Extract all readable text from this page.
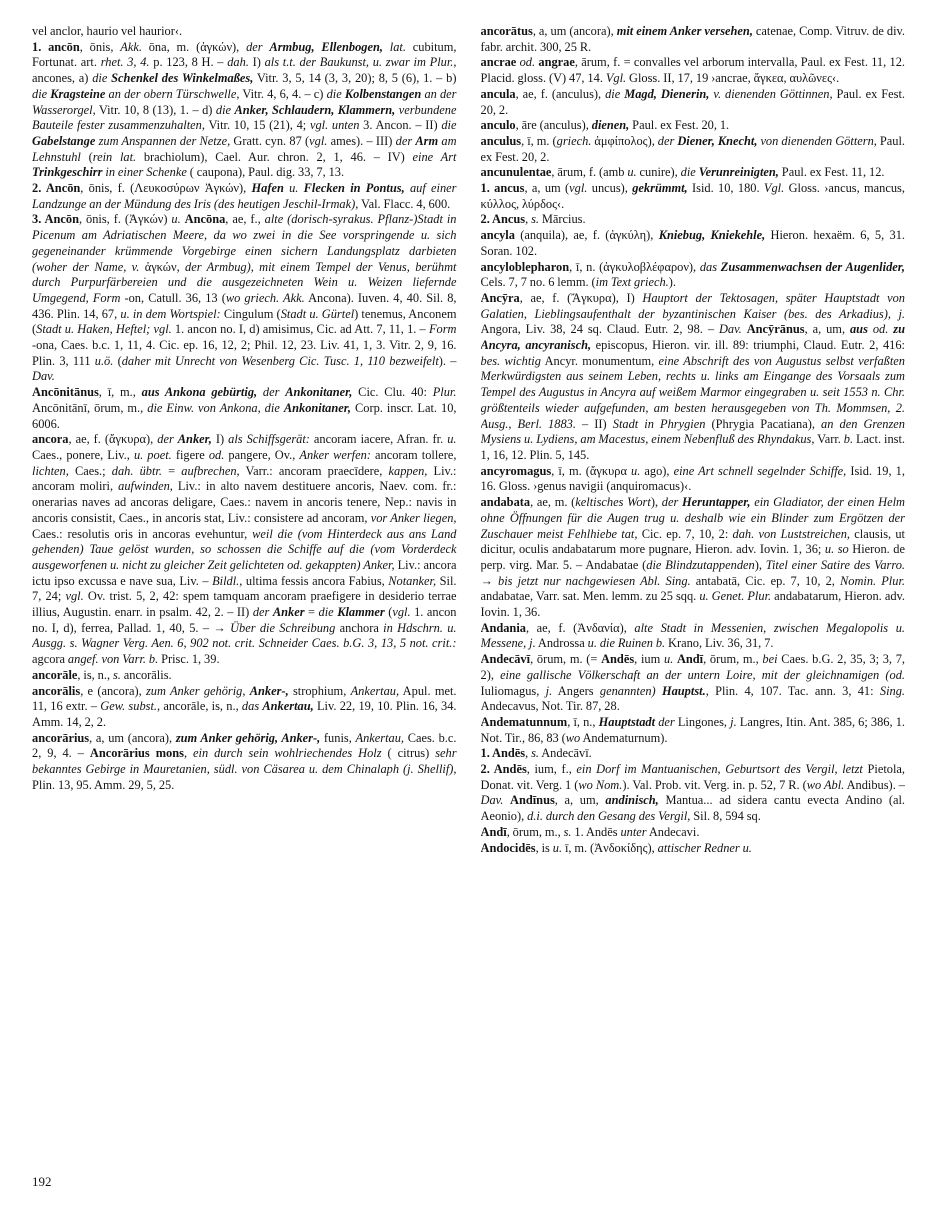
vel anclor, haurio vel haurior‹.

1. ancōn, ōnis, Akk. ōna, m. (ἀγκών), der Armbug, Ellenbogen, lat. cubitum, Fortunat. art. rhet. 3, 4. p. 123, 8 H. – dah. I) als t.t. der Baukunst, u. zwar im Plur., ancones, a) die Schenkel des Winkelmaßes, Vitr. 3, 5, 14 (3, 3, 20); 8, 5 (6), 1. – b) die Kragsteine an der obern Türschwelle, Vitr. 4, 6, 4. – c) die Kolbenstangen an der Wasserorgel, Vitr. 10, 8 (13), 1. – d) die Anker, Schlaudern, Klammern, verbundene Bauteile fester zusammenzuhalten, Vitr. 10, 15 (21), 4; vgl. unten 3. Ancon. – II) die Gabelstange zum Anspannen der Netze, Gratt. cyn. 87 (vgl. ames). – III) der Arm am Lehnstuhl (rein lat. brachiolum), Cael. Aur. chron. 2, 1, 46. – IV) eine Art Trinkgeschirr in einer Schenke ( caupona), Paul. dig. 33, 7, 13.

2. Ancōn, ōnis, f. (Λευκοσύρων Ἀγκών), Hafen u. Flecken in Pontus, auf einer Landzunge an der Mündung des Iris (des heutigen Jeschil-Irmak), Val. Flacc. 4, 600.

3. Ancōn, ōnis, f. (Ἀγκών) u. Ancōna, ae, f., alte (dorisch-syrakus. Pflanz-)Stadt in Picenum am Adriatischen Meere, da wo zwei in die See vorspringende u. sich gegeneinander krümmende Vorgebirge einen sichern Landungsplatz darbieten (woher der Name, v. ἀγκών, der Armbug), mit einem Tempel der Venus, berühmt durch Purpurfärbereien und die ausgezeichneten Wein u. Weizen liefernde Umgegend, Form -on, Catull. 36, 13 (wo griech. Akk. Ancona). Iuven. 4, 40. Sil. 8, 436. Plin. 14, 67, u. in dem Wortspiel: Cingulum (Stadt u. Gürtel) tenemus, Anconem (Stadt u. Haken, Heftel; vgl. 1. ancon no. I, d) amisimus, Cic. ad Att. 7, 11, 1. – Form -ona, Caes. b.c. 1, 11, 4. Cic. ep. 16, 12, 2; Phil. 12, 23. Liv. 41, 1, 3. Vitr. 2, 9, 16. Plin. 3, 111 u.ö. (daher mit Unrecht von Wesenberg Cic. Tusc. 1, 110 bezweifelt). – Dav.

Ancōnitānus, ī, m., aus Ankona gebürtig, der Ankonitaner, Cic. Clu. 40: Plur. Ancōnitānī, ōrum, m., die Einw. von Ankona, die Ankonitaner, Corp. inscr. Lat. 10, 6006.

ancora, ae, f. (ἄγκυρα), der Anker, I) als Schiffsgerät: ancoram iacere, Afran. fr. u. Caes., ponere, Liv., u. poet. figere od. pangere, Ov., Anker werfen: ancoram tollere, lichten, Caes.; dah. übtr. = aufbrechen, Varr.: ancoram praecīdere, kappen, Liv.: ancoram moliri, aufwinden, Liv.: in alto navem destituere ancoris, Naev. com. fr.: onerarias naves ad ancoras deligare, Caes.: navem in ancoris tenere, Nep.: navis in ancoris consistit, Caes., in ancoris stat, Liv.: consistere ad ancoram, vor Anker liegen, Caes.: resolutis oris in ancoras evehuntur, weil die (vom Hinterdeck aus ans Land gehenden) Taue gelöst wurden, so schossen die Schiffe auf die (vom Vorderdeck ausgeworfenen u. nicht zu gleicher Zeit gelichteten od. gekappten) Anker, Liv.: ancora ictu ipso excussa e nave sua, Liv. – Bildl., ultima fessis ancora Fabius, Notanker, Sil. 7, 24; vgl. Ov. trist. 5, 2, 42: spem tamquam ancoram praefigere in desiderio terrae illius, Augustin. enarr. in psalm. 42, 2. – II) der Anker = die Klammer (vgl. 1. ancon no. I, d), ferrea, Pallad. 1, 40, 5. – → Über die Schreibung anchora in Hdschrn. u. Ausgg. s. Wagner Verg. Aen. 6, 902 not. crit. Schneider Caes. b.G. 3, 13, 5 not. crit.: agcora angef. von Varr. b. Prisc. 1, 39.

ancorāle, is, n., s. ancorālis.

ancorālis, e (ancora), zum Anker gehörig, Anker-, strophium, Ankertau, Apul. met. 11, 16 extr. – Gew. subst., ancorāle, is, n., das Ankertau, Liv. 22, 19, 10. Plin. 16, 34. Amm. 14, 2, 2.

ancorārius, a, um (ancora), zum Anker gehörig, Anker-, funis, Ankertau, Caes. b.c. 2, 9, 4. – Ancorārius mons, ein durch sein wohlriechendes Holz ( citrus) sehr bekanntes Gebirge in Mauretanien, südl. von Cäsarea u. dem Chinalaph (j. Shellif), Plin. 13, 95. Amm. 29, 5, 25.

ancorātus, a, um (ancora), mit einem Anker versehen, catenae, Comp. Vitruv. de div. fabr. archit. 300, 25 R.

ancrae od. angrae, ārum, f. = convalles vel arborum intervalla, Paul. ex Fest. 11, 12. Placid. gloss. (V) 47, 14. Vgl. Gloss. II, 17, 19 ›ancrae, ἄγκεα, αυλῶνες‹.

ancula, ae, f. (anculus), die Magd, Dienerin, v. dienenden Göttinnen, Paul. ex Fest. 20, 2.

anculo, āre (anculus), dienen, Paul. ex Fest. 20, 1.

anculus, ī, m. (griech. ἀμφίπολος), der Diener, Knecht, von dienenden Göttern, Paul. ex Fest. 20, 2.

ancunulentae, ārum, f. (amb u. cunire), die Verunreinigten, Paul. ex Fest. 11, 12.

1. ancus, a, um (vgl. uncus), gekrümmt, Isid. 10, 180. Vgl. Gloss. ›ancus, mancus, κύλλος, λύρδος‹.

2. Ancus, s. Mārcius.

ancyla (anquila), ae, f. (ἀγκύλη), Kniebug, Kniekehle, Hieron. hexaëm. 6, 5, 31. Soran. 102.

ancyloblepharon, ī, n. (ἀγκυλοβλέφαρον), das Zusammenwachsen der Augenlider, Cels. 7, 7 no. 6 lemm. (im Text griech.).

Ancȳra, ae, f. (Ἄγκυρα), I) Hauptort der Tektosagen, später Hauptstadt von Galatien, Lieblingsaufenthalt der byzantinischen Kaiser (bes. des Arkadius), j. Angora, Liv. 38, 24 sq. Claud. Eutr. 2, 98. – Dav. Ancȳrānus, a, um, aus od. zu Ancyra, ancyranisch, episcopus, Hieron. vir. ill. 89: triumphi, Claud. Eutr. 2, 416: bes. wichtig Ancyr. monumentum, eine Abschrift des von Augustus selbst verfaßten Merkwürdigsten aus seinem Leben, rechts u. links am Eingange des Vorsaals zum Tempel des Augustus in Ancyra auf weißem Marmor eingegraben u. seit 1553 n. Chr. größtenteils wieder aufgefunden, am besten herausgegeben von Th. Mommsen, 2. Ausg., Berl. 1883. – II) Stadt in Phrygien (Phrygia Pacatiana), an den Grenzen Mysiens u. Lydiens, am Macestus, einem Nebenfluß des Rhyndakus, Varr. b. Lact. inst. 1, 16, 12. Plin. 5, 145.

ancyromagus, ī, m. (ἄγκυρα u. ago), eine Art schnell segelnder Schiffe, Isid. 19, 1, 16. Gloss. ›genus navigii (anquiromacus)‹.

andabata, ae, m. (keltisches Wort), der Heruntapper, ein Gladiator, der einen Helm ohne Öffnungen für die Augen trug u. deshalb wie ein Blinder zum Ergötzen der Zuschauer meist Fehlhiebe tat, Cic. ep. 7, 10, 2: dah. von Luststreichen, clausis, ut dicitur, oculis andabatarum more pugnare, Hieron. adv. Iovin. 1, 36; u. so Hieron. de perp. virg. Mar. 5. – Andabatae (die Blindzutappenden), Titel einer Satire des Varro. → bis jetzt nur nachgewiesen Abl. Sing. antabatā, Cic. ep. 7, 10, 2, Nomin. Plur. andabatae, Varr. sat. Men. lemm. zu 25 sqq. u. Genet. Plur. andabatarum, Hieron. adv. Iovin. 1, 36.

Andania, ae, f. (Ἀνδανία), alte Stadt in Messenien, zwischen Megalopolis u. Messene, j. Androssa u. die Ruinen b. Krano, Liv. 36, 31, 7.

Andecāvī, ōrum, m. (= Andēs, ium u. Andī, ōrum, m., bei Caes. b.G. 2, 35, 3; 3, 7, 2), eine gallische Völkerschaft an der untern Loire, mit der gleichnamigen (od. Iuliomagus, j. Angers genannten) Hauptst., Plin. 4, 107. Tac. ann. 3, 41: Sing. Andecavus, Not. Tir. 87, 28.

Andematunnum, ī, n., Hauptstadt der Lingones, j. Langres, Itin. Ant. 385, 6; 386, 1. Not. Tir., 86, 83 (wo Andematurnum).

1. Andēs, s. Andecāvī.

2. Andēs, ium, f., ein Dorf im Mantuanischen, Geburtsort des Vergil, letzt Pietola, Donat. vit. Verg. 1 (wo Nom.). Val. Prob. vit. Verg. in. p. 52, 7 R. (wo Abl. Andibus). – Dav. Andīnus, a, um, andinisch, Mantua... ad sidera cantu evecta Andino (al. Aeonio), d.i. durch den Gesang des Vergil, Sil. 8, 594 sq.

Andī, ōrum, m., s. 1. Andēs unter Andecavi.

Andocidēs, is u. ī, m. (Ἀνδοκίδης), attischer Redner u.

192
